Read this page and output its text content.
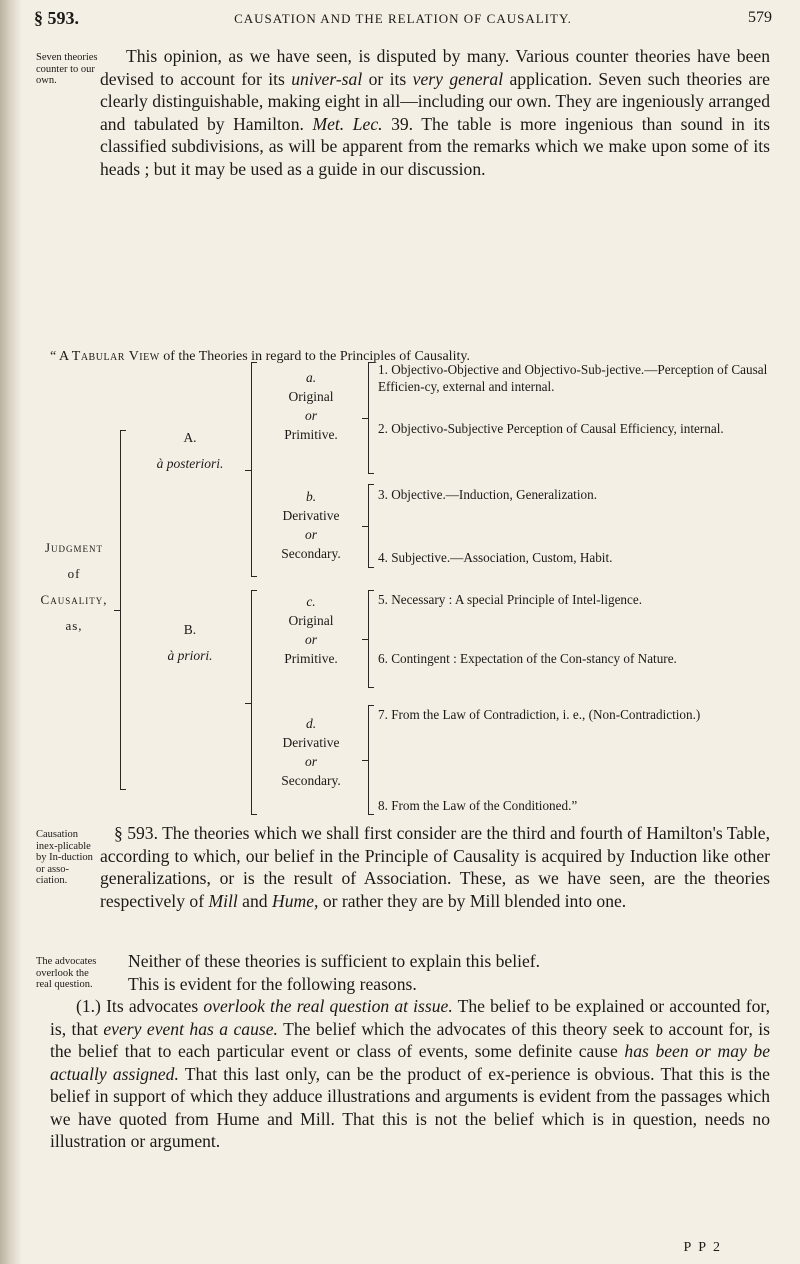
§ 593.	CAUSATION AND THE RELATION OF CAUSALITY.	579
Seven theories counter to our own.
This opinion, as we have seen, is disputed by many. Various counter theories have been devised to account for its univer-sal or its very general application. Seven such theories are clearly distinguishable, making eight in all—including our own. They are ingeniously arranged and tabulated by Hamilton. Met. Lec. 39. The table is more ingenious than sound in its classified subdivisions, as will be apparent from the remarks which we make upon some of its heads ; but it may be used as a guide in our discussion.
“ A Tabular View of the Theories in regard to the Principles of Causality.
Judgment
of
Causality,
as,
A.
à posteriori.
B.
à priori.
a.
Original
or
Primitive.
b.
Derivative
or
Secondary.
c.
Original
or
Primitive.
d.
Derivative
or
Secondary.
1. Objectivo-Objective and Objectivo-Sub-jective.—Perception of Causal Efficien-cy, external and internal.
2. Objectivo-Subjective Perception of Causal Efficiency, internal.
3. Objective.—Induction, Generalization.
4. Subjective.—Association, Custom, Habit.
5. Necessary : A special Principle of Intel-ligence.
6. Contingent : Expectation of the Con-stancy of Nature.
7. From the Law of Contradiction, i. e., (Non-Contradiction.)
8. From the Law of the Conditioned.”
Causation inex-plicable by In-duction or asso-ciation.
§ 593. The theories which we shall first consider are the third and fourth of Hamilton's Table, according to which, our belief in the Principle of Causality is acquired by Induction like other generalizations, or is the result of Association. These, as we have seen, are the theories respectively of Mill and Hume, or rather they are by Mill blended into one.
The advocates overlook the real question.
Neither of these theories is sufficient to explain this belief.
This is evident for the following reasons.
(1.) Its advocates overlook the real question at issue. The belief to be explained or accounted for, is, that every event has a cause. The belief which the advocates of this theory seek to account for, is the belief that to each particular event or class of events, some definite cause has been or may be actually assigned. That this last only, can be the product of ex-perience is obvious. That this is the belief in support of which they adduce illustrations and arguments is evident from the passages which we have quoted from Hume and Mill. That this is not the belief which is in question, needs no illustration or argument.
P P 2
